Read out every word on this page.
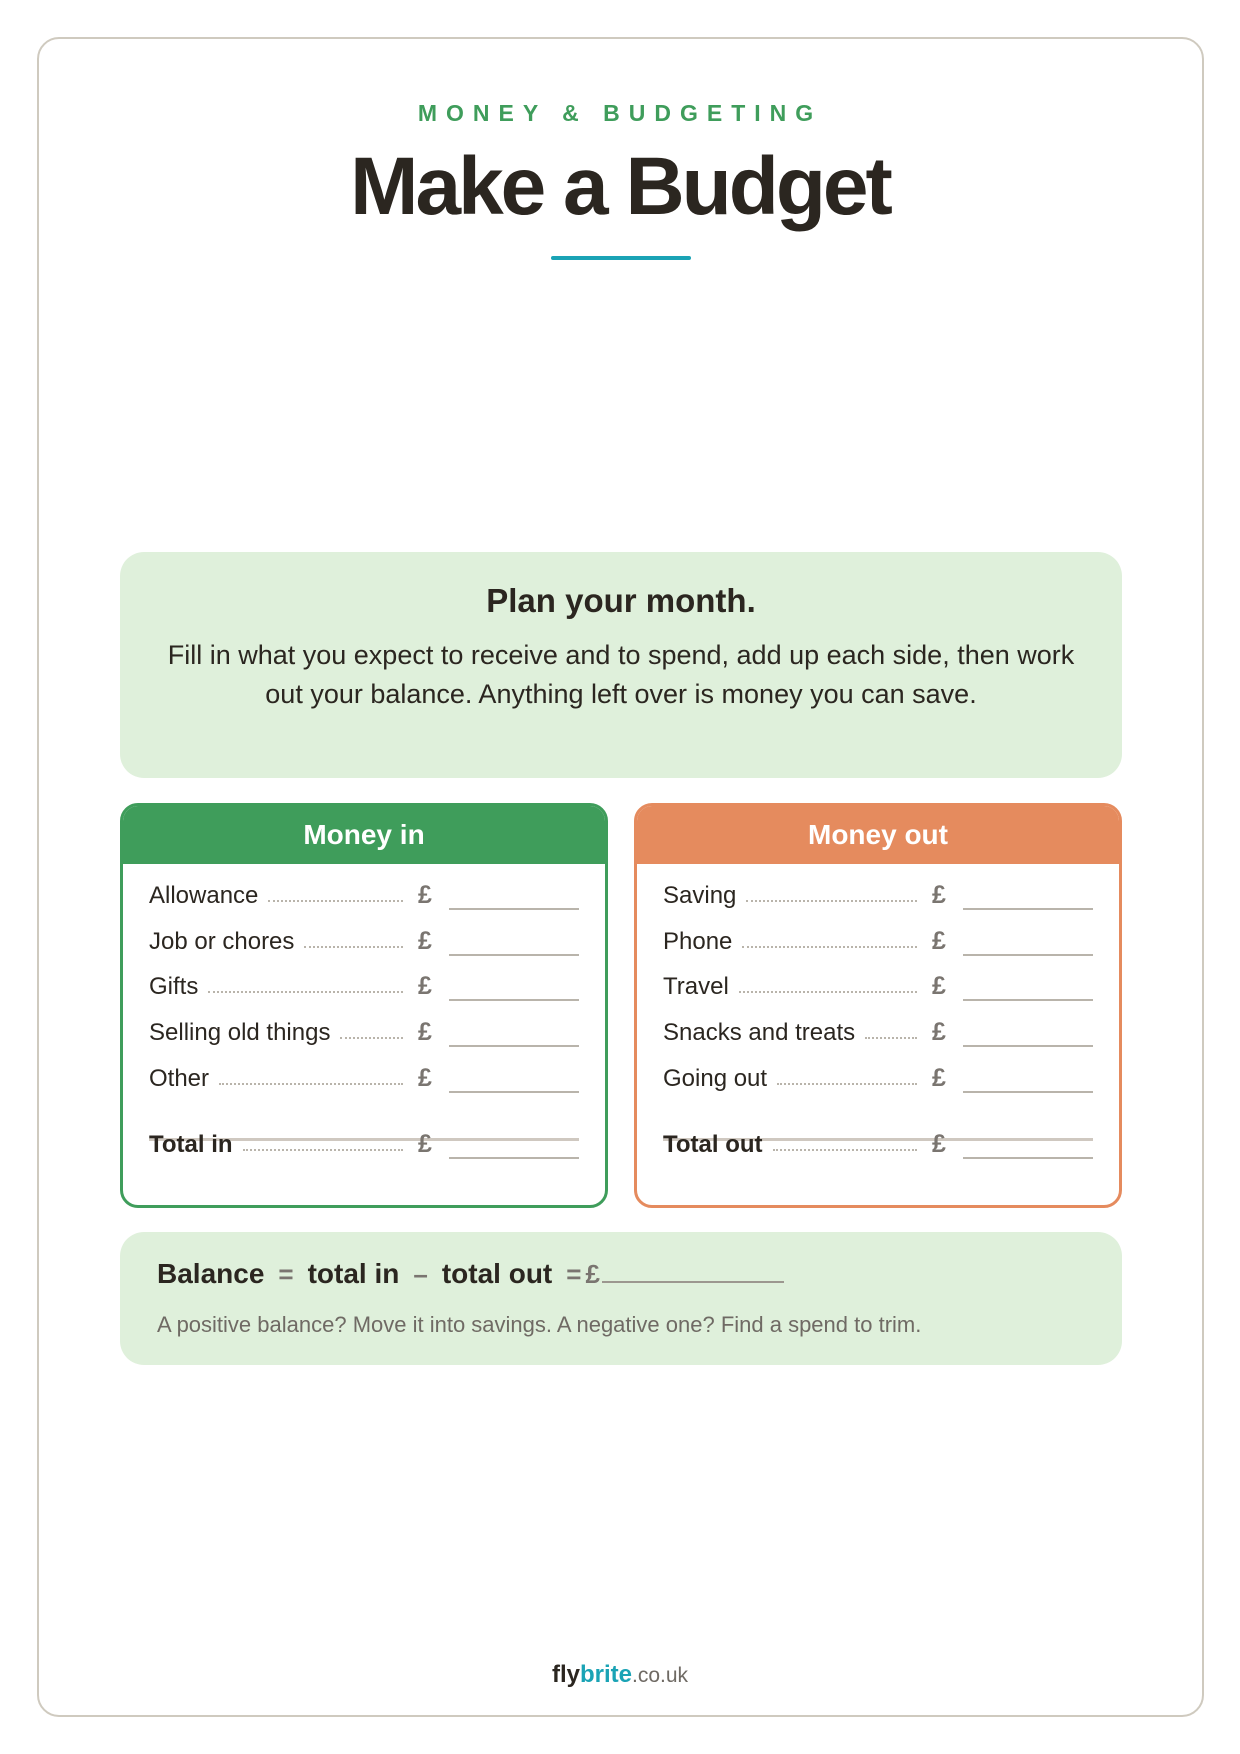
MONEY & BUDGETING
Make a Budget
Plan your month.
Fill in what you expect to receive and to spend, add up each side, then work out your balance. Anything left over is money you can save.
Money in
Allowance	£
Job or chores	£
Gifts	£
Selling old things	£
Other	£
Total in	£
Money out
Saving	£
Phone	£
Travel	£
Snacks and treats	£
Going out	£
Total out	£
Balance = total in – total out = £
A positive balance? Move it into savings. A negative one? Find a spend to trim.
flybrite.co.uk
